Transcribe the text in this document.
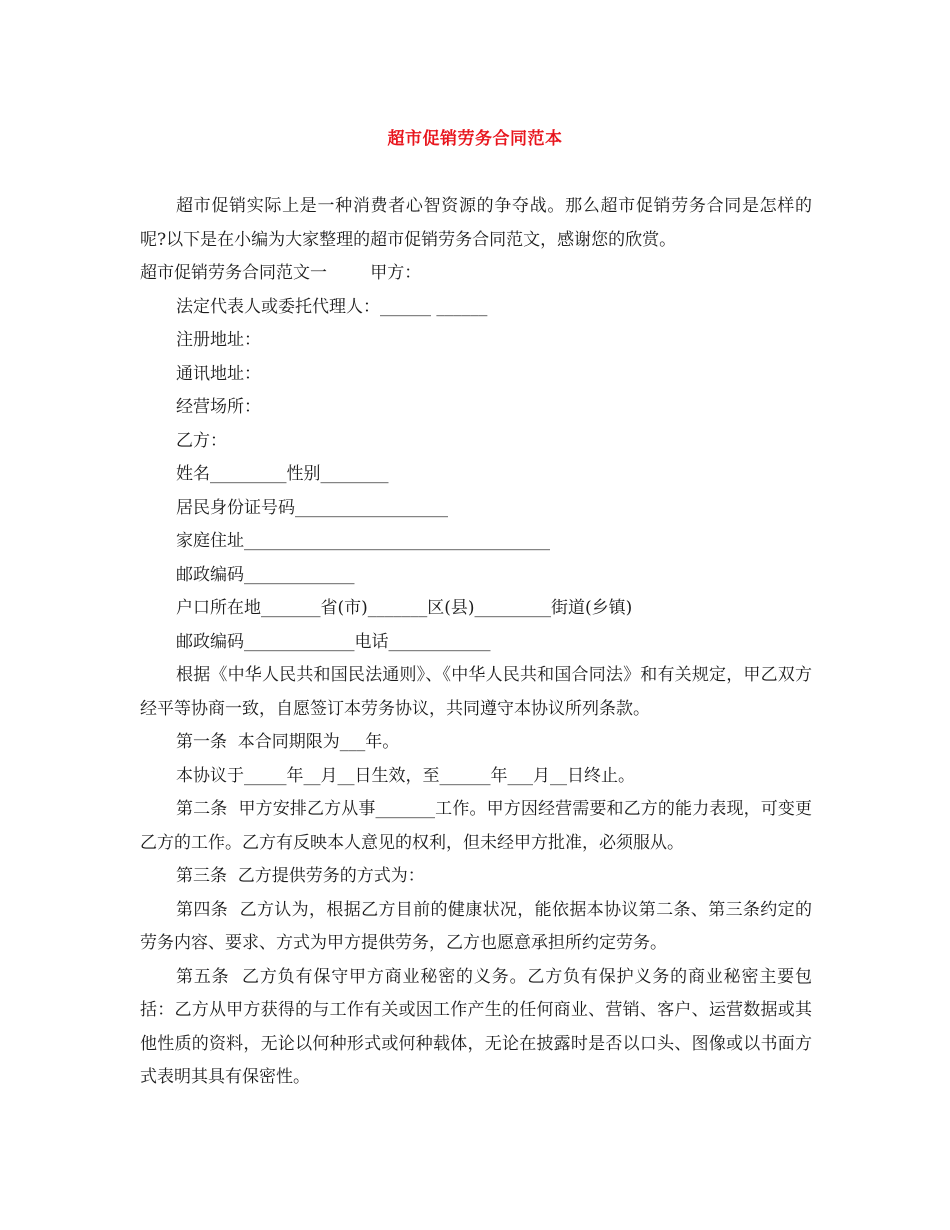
超市促销劳务合同范本

超市促销实际上是一种消费者心智资源的争夺战。那么超市促销劳务合同是怎样的呢?以下是在小编为大家整理的超市促销劳务合同范文，感谢您的欣赏。

超市促销劳务合同范文一        甲方：

法定代表人或委托代理人：______ ______

注册地址：

通讯地址：

经营场所：

乙方：

姓名_________性别________

居民身份证号码__________________

家庭住址____________________________________

邮政编码_____________

户口所在地_______省(市)_______区(县)_________街道(乡镇)

邮政编码_____________电话____________

根据《中华人民共和国民法通则》、《中华人民共和国合同法》和有关规定，甲乙双方经平等协商一致，自愿签订本劳务协议，共同遵守本协议所列条款。

第一条  本合同期限为___年。

本协议于_____年__月__日生效，至______年___月__日终止。

第二条  甲方安排乙方从事_______工作。甲方因经营需要和乙方的能力表现，可变更乙方的工作。乙方有反映本人意见的权利，但未经甲方批准，必须服从。

第三条  乙方提供劳务的方式为：

第四条  乙方认为，根据乙方目前的健康状况，能依据本协议第二条、第三条约定的劳务内容、要求、方式为甲方提供劳务，乙方也愿意承担所约定劳务。

第五条  乙方负有保守甲方商业秘密的义务。乙方负有保护义务的商业秘密主要包括：乙方从甲方获得的与工作有关或因工作产生的任何商业、营销、客户、运营数据或其他性质的资料，无论以何种形式或何种载体，无论在披露时是否以口头、图像或以书面方式表明其具有保密性。
